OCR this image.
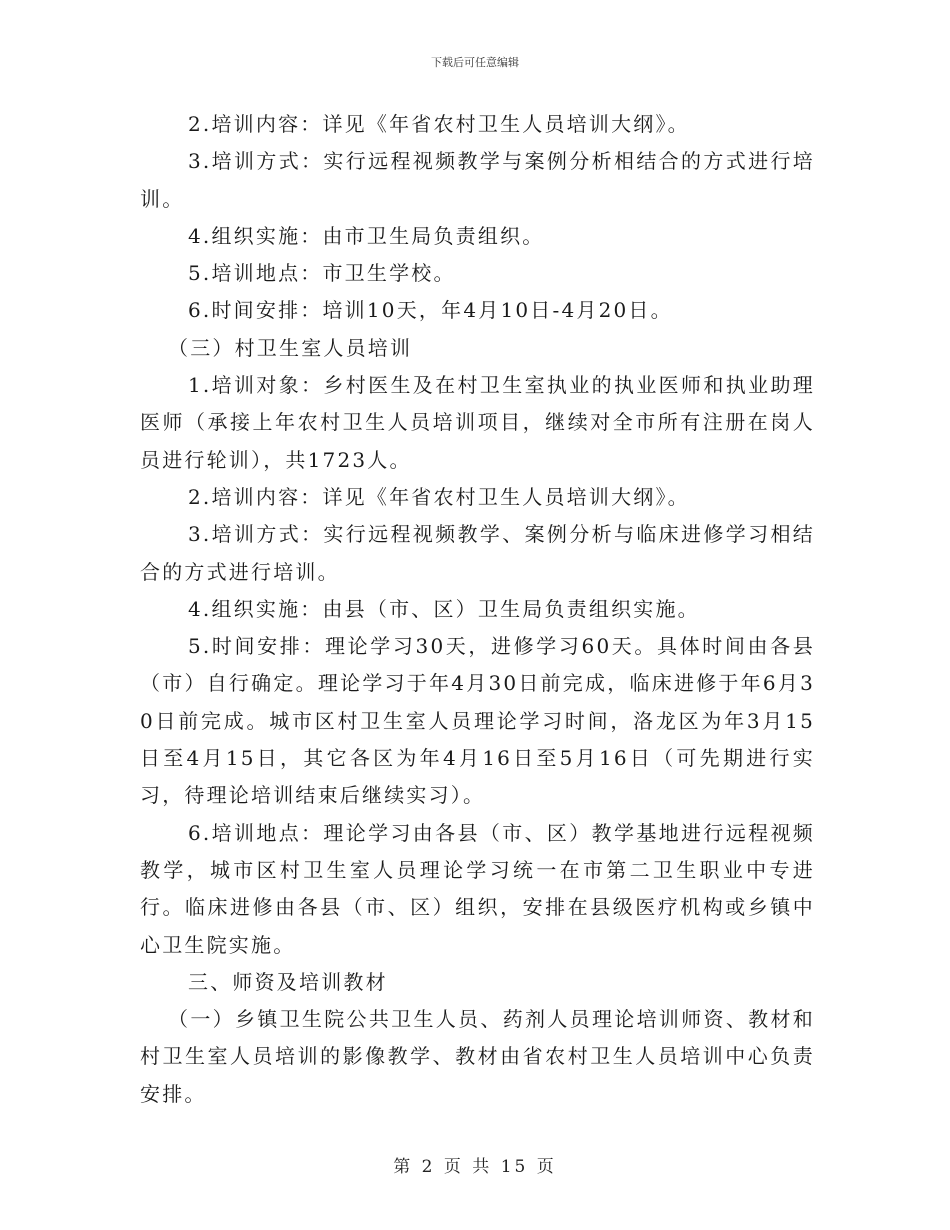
下载后可任意编辑

2.培训内容：详见《年省农村卫生人员培训大纲》。

3.培训方式：实行远程视频教学与案例分析相结合的方式进行培训。

4.组织实施：由市卫生局负责组织。

5.培训地点：市卫生学校。

6.时间安排：培训10天，年4月10日-4月20日。

（三）村卫生室人员培训

1.培训对象：乡村医生及在村卫生室执业的执业医师和执业助理医师（承接上年农村卫生人员培训项目，继续对全市所有注册在岗人员进行轮训），共1723人。

2.培训内容：详见《年省农村卫生人员培训大纲》。

3.培训方式：实行远程视频教学、案例分析与临床进修学习相结合的方式进行培训。

4.组织实施：由县（市、区）卫生局负责组织实施。

5.时间安排：理论学习30天，进修学习60天。具体时间由各县（市）自行确定。理论学习于年4月30日前完成，临床进修于年6月30日前完成。城市区村卫生室人员理论学习时间，洛龙区为年3月15日至4月15日，其它各区为年4月16日至5月16日（可先期进行实习，待理论培训结束后继续实习）。

6.培训地点：理论学习由各县（市、区）教学基地进行远程视频教学，城市区村卫生室人员理论学习统一在市第二卫生职业中专进行。临床进修由各县（市、区）组织，安排在县级医疗机构或乡镇中心卫生院实施。

三、师资及培训教材

（一）乡镇卫生院公共卫生人员、药剂人员理论培训师资、教材和村卫生室人员培训的影像教学、教材由省农村卫生人员培训中心负责安排。

第 2 页 共 15 页
